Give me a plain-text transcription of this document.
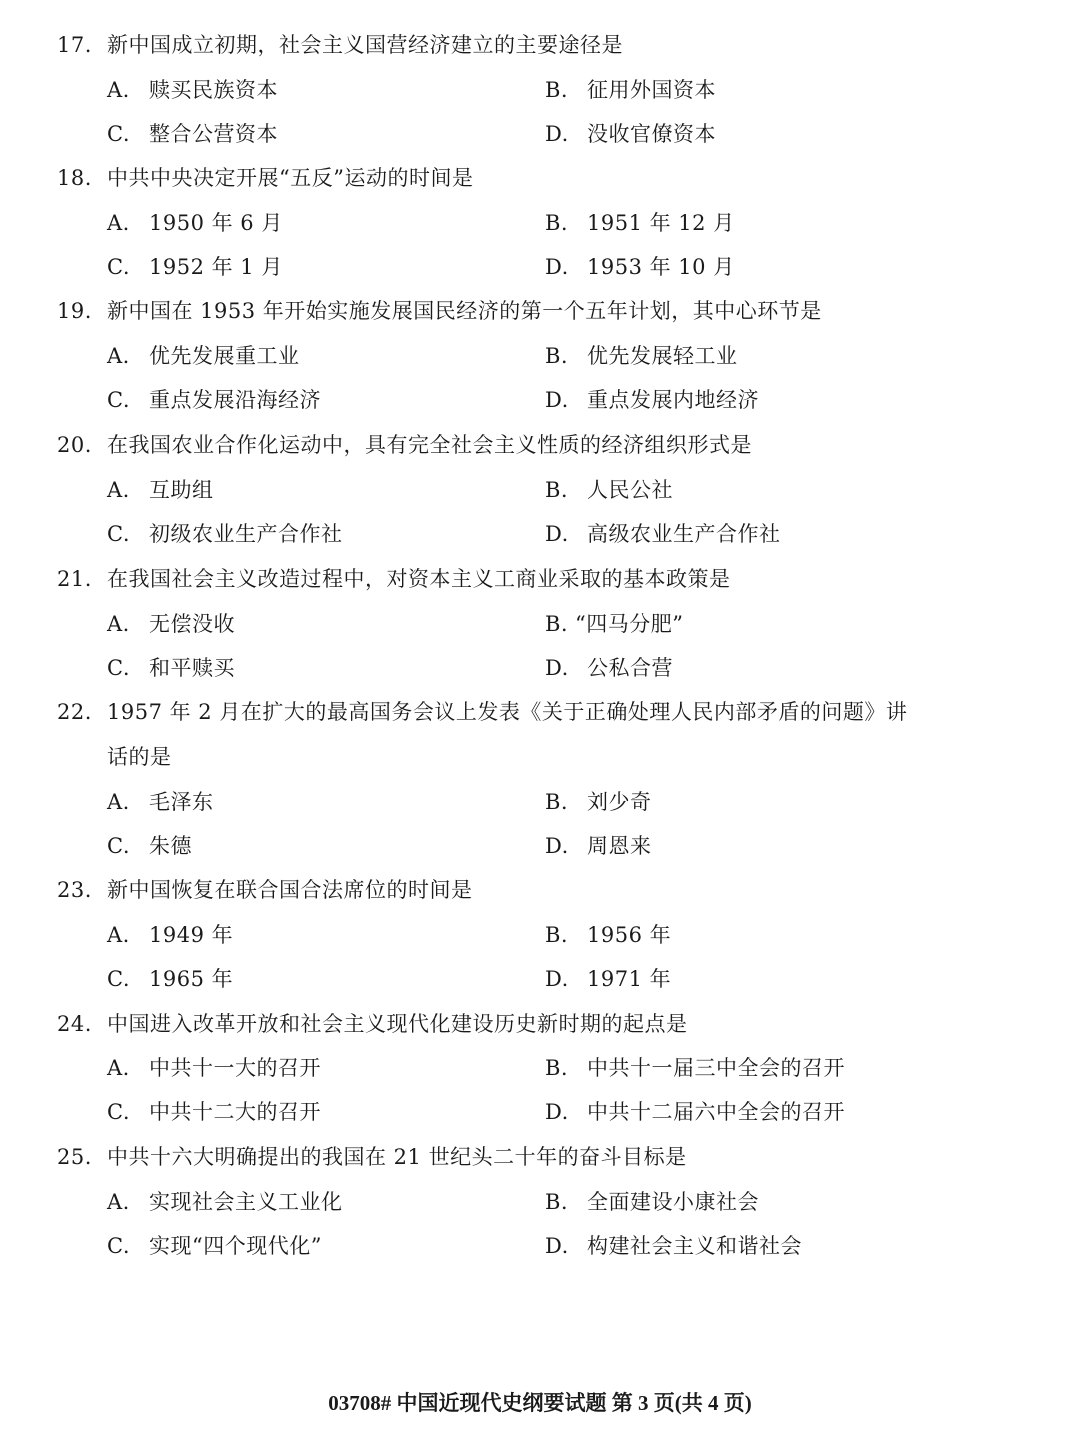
17. 新中国成立初期，社会主义国营经济建立的主要途径是
A. 赎买民族资本	B. 征用外国资本
C. 整合公营资本	D. 没收官僚资本
18. 中共中央决定开展“五反”运动的时间是
A. 1950 年 6 月	B. 1951 年 12 月
C. 1952 年 1 月	D. 1953 年 10 月
19. 新中国在 1953 年开始实施发展国民经济的第一个五年计划，其中心环节是
A. 优先发展重工业	B. 优先发展轻工业
C. 重点发展沿海经济	D. 重点发展内地经济
20. 在我国农业合作化运动中，具有完全社会主义性质的经济组织形式是
A. 互助组	B. 人民公社
C. 初级农业生产合作社	D. 高级农业生产合作社
21. 在我国社会主义改造过程中，对资本主义工商业采取的基本政策是
A. 无偿没收	B. “四马分肥”
C. 和平赎买	D. 公私合营
22. 1957 年 2 月在扩大的最高国务会议上发表《关于正确处理人民内部矛盾的问题》讲
话的是
A. 毛泽东	B. 刘少奇
C. 朱德	D. 周恩来
23. 新中国恢复在联合国合法席位的时间是
A. 1949 年	B. 1956 年
C. 1965 年	D. 1971 年
24. 中国进入改革开放和社会主义现代化建设历史新时期的起点是
A. 中共十一大的召开	B. 中共十一届三中全会的召开
C. 中共十二大的召开	D. 中共十二届六中全会的召开
25. 中共十六大明确提出的我国在 21 世纪头二十年的奋斗目标是
A. 实现社会主义工业化	B. 全面建设小康社会
C. 实现“四个现代化”	D. 构建社会主义和谐社会
03708# 中国近现代史纲要试题 第 3 页(共 4 页)
